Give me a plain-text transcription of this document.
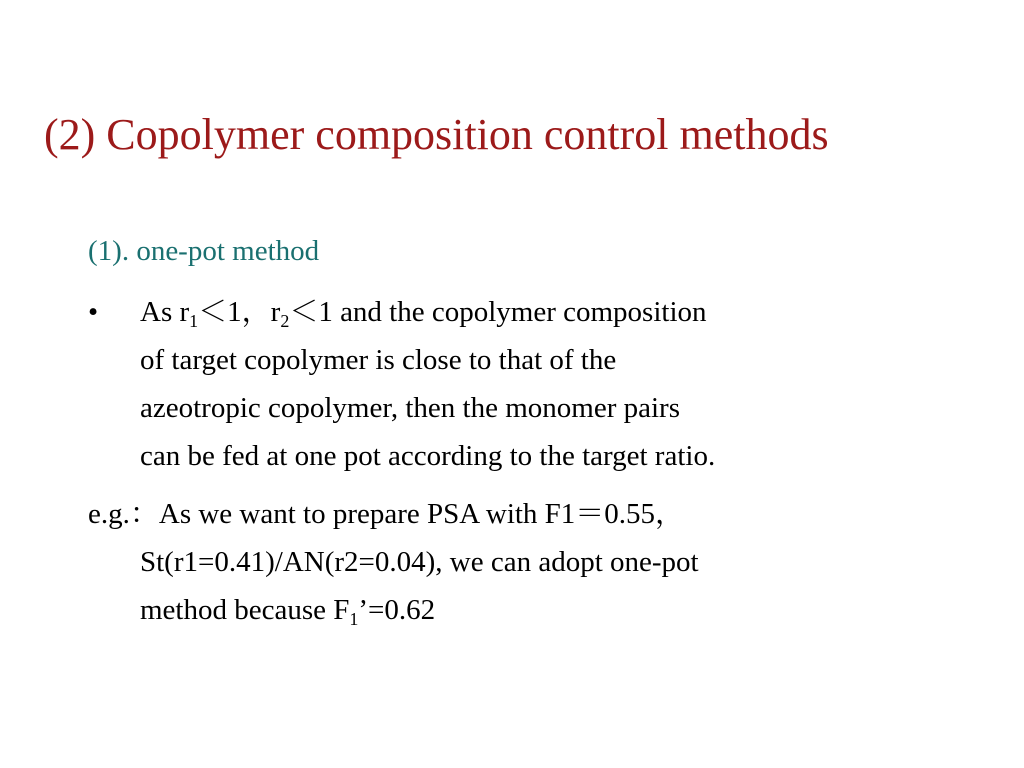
(2) Copolymer composition control methods
(1). one-pot method
• As $r_1<1$，$r_2<1$ and the copolymer composition
of target copolymer is close to that of the
azeotropic copolymer, then the monomer pairs
can be fed at one pot according to the target ratio.
e.g.：As we want to prepare PSA with F1＝0.55，
St(r1=0.41)/AN(r2=0.04), we can adopt one-pot
method because $F_1’=0.62$
